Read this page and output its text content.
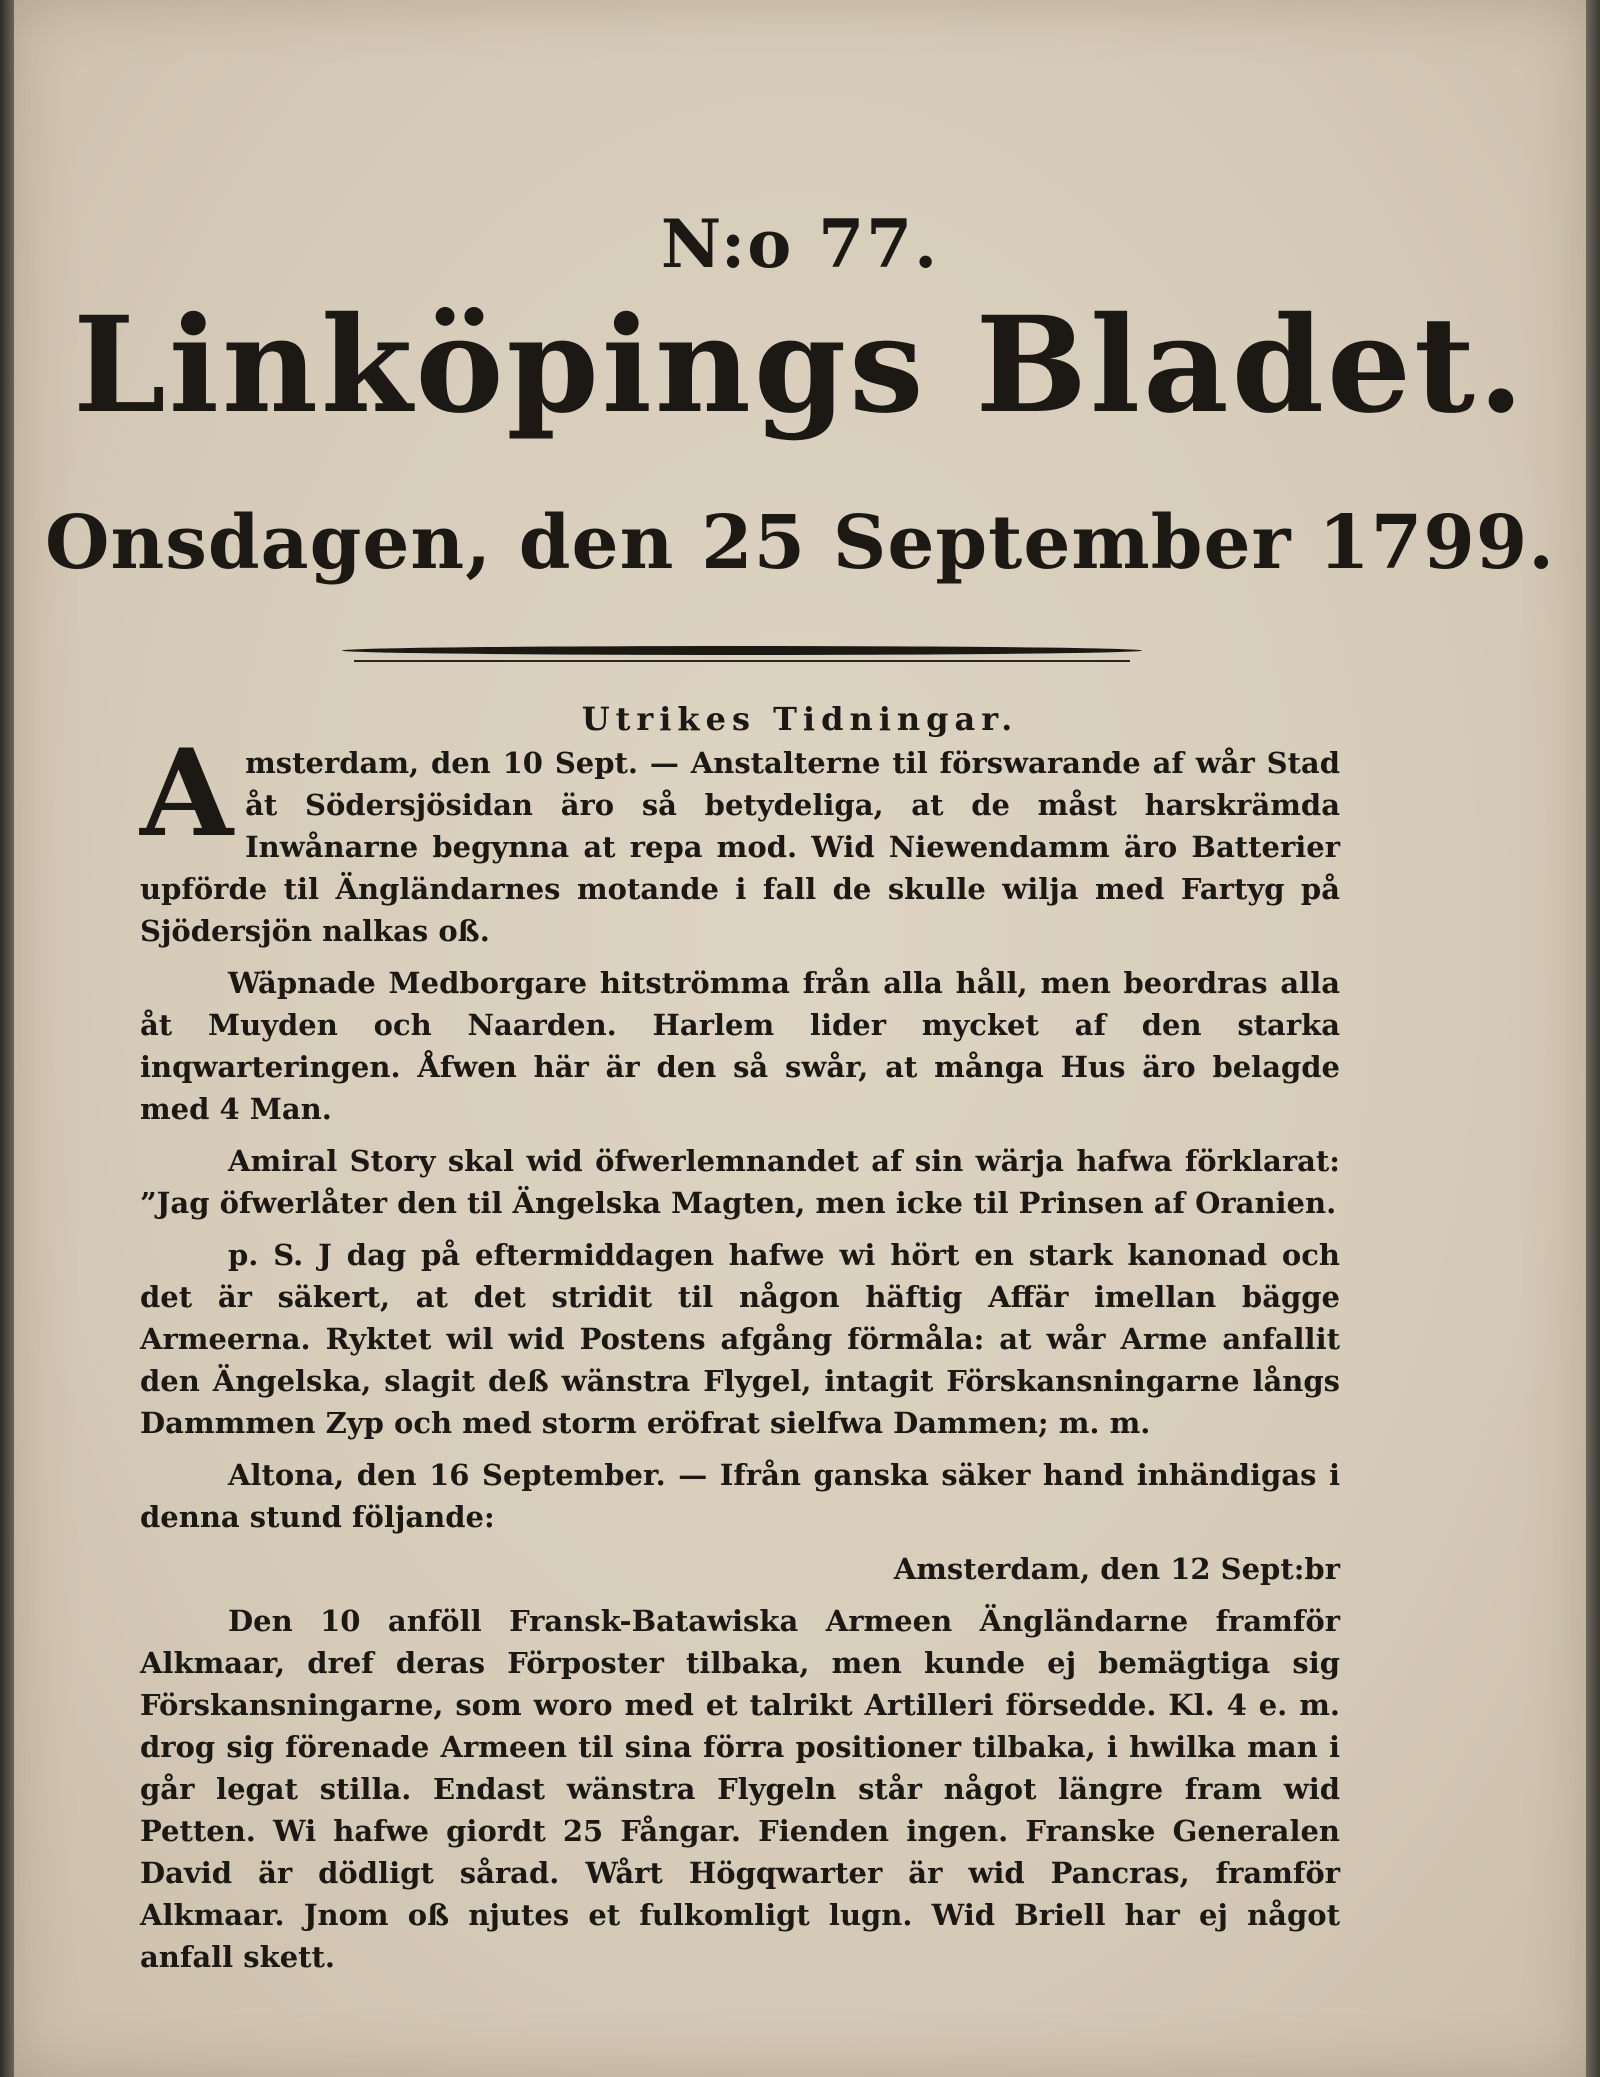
N:o 77.
Linköpings Bladet.
Onsdagen, den 25 September 1799.
Utrikes Tidningar.

Amsterdam, den 10 Sept. — Anstalterne til förswarande af wår Stad åt Södersjösidan äro så betydeliga, at de måst harskrämda Inwånarne begynna at repa mod. Wid Niewendamm äro Batterier upförde til Ängländarnes motande i fall de skulle wilja med Fartyg på Sjödersjön nalkas oß.

Wäpnade Medborgare hitströmma från alla håll, men beordras alla åt Muyden och Naarden. Harlem lider mycket af den starka inqwarteringen. Åfwen här är den så swår, at många Hus äro belagde med 4 Man.

Amiral Story skal wid öfwerlemnandet af sin wärja hafwa förklarat: ”Jag öfwerlåter den til Ängelska Magten, men icke til Prinsen af Oranien.

p. S. J dag på eftermiddagen hafwe wi hört en stark kanonad och det är säkert, at det stridit til någon häftig Affär imellan bägge Armeerna. Ryktet wil wid Postens afgång förmåla: at wår Arme anfallit den Ängelska, slagit deß wänstra Flygel, intagit Förskansningarne långs Dammmen Zyp och med storm eröfrat sielfwa Dammen; m. m.

Altona, den 16 September. — Ifrån ganska säker hand inhändigas i denna stund följande:

Amsterdam, den 12 Sept:br

Den 10 anföll Fransk-Batawiska Armeen Ängländarne framför Alkmaar, dref deras Förposter tilbaka, men kunde ej bemägtiga sig Förskansningarne, som woro med et talrikt Artilleri försedde. Kl. 4 e. m. drog sig förenade Armeen til sina förra positioner tilbaka, i hwilka man i går legat stilla. Endast wänstra Flygeln står något längre fram wid Petten. Wi hafwe giordt 25 Fångar. Fienden ingen. Franske Generalen David är dödligt sårad. Wårt Högqwarter är wid Pancras, framför Alkmaar. Jnom oß njutes et fulkomligt lugn. Wid Briell har ej något anfall skett.
